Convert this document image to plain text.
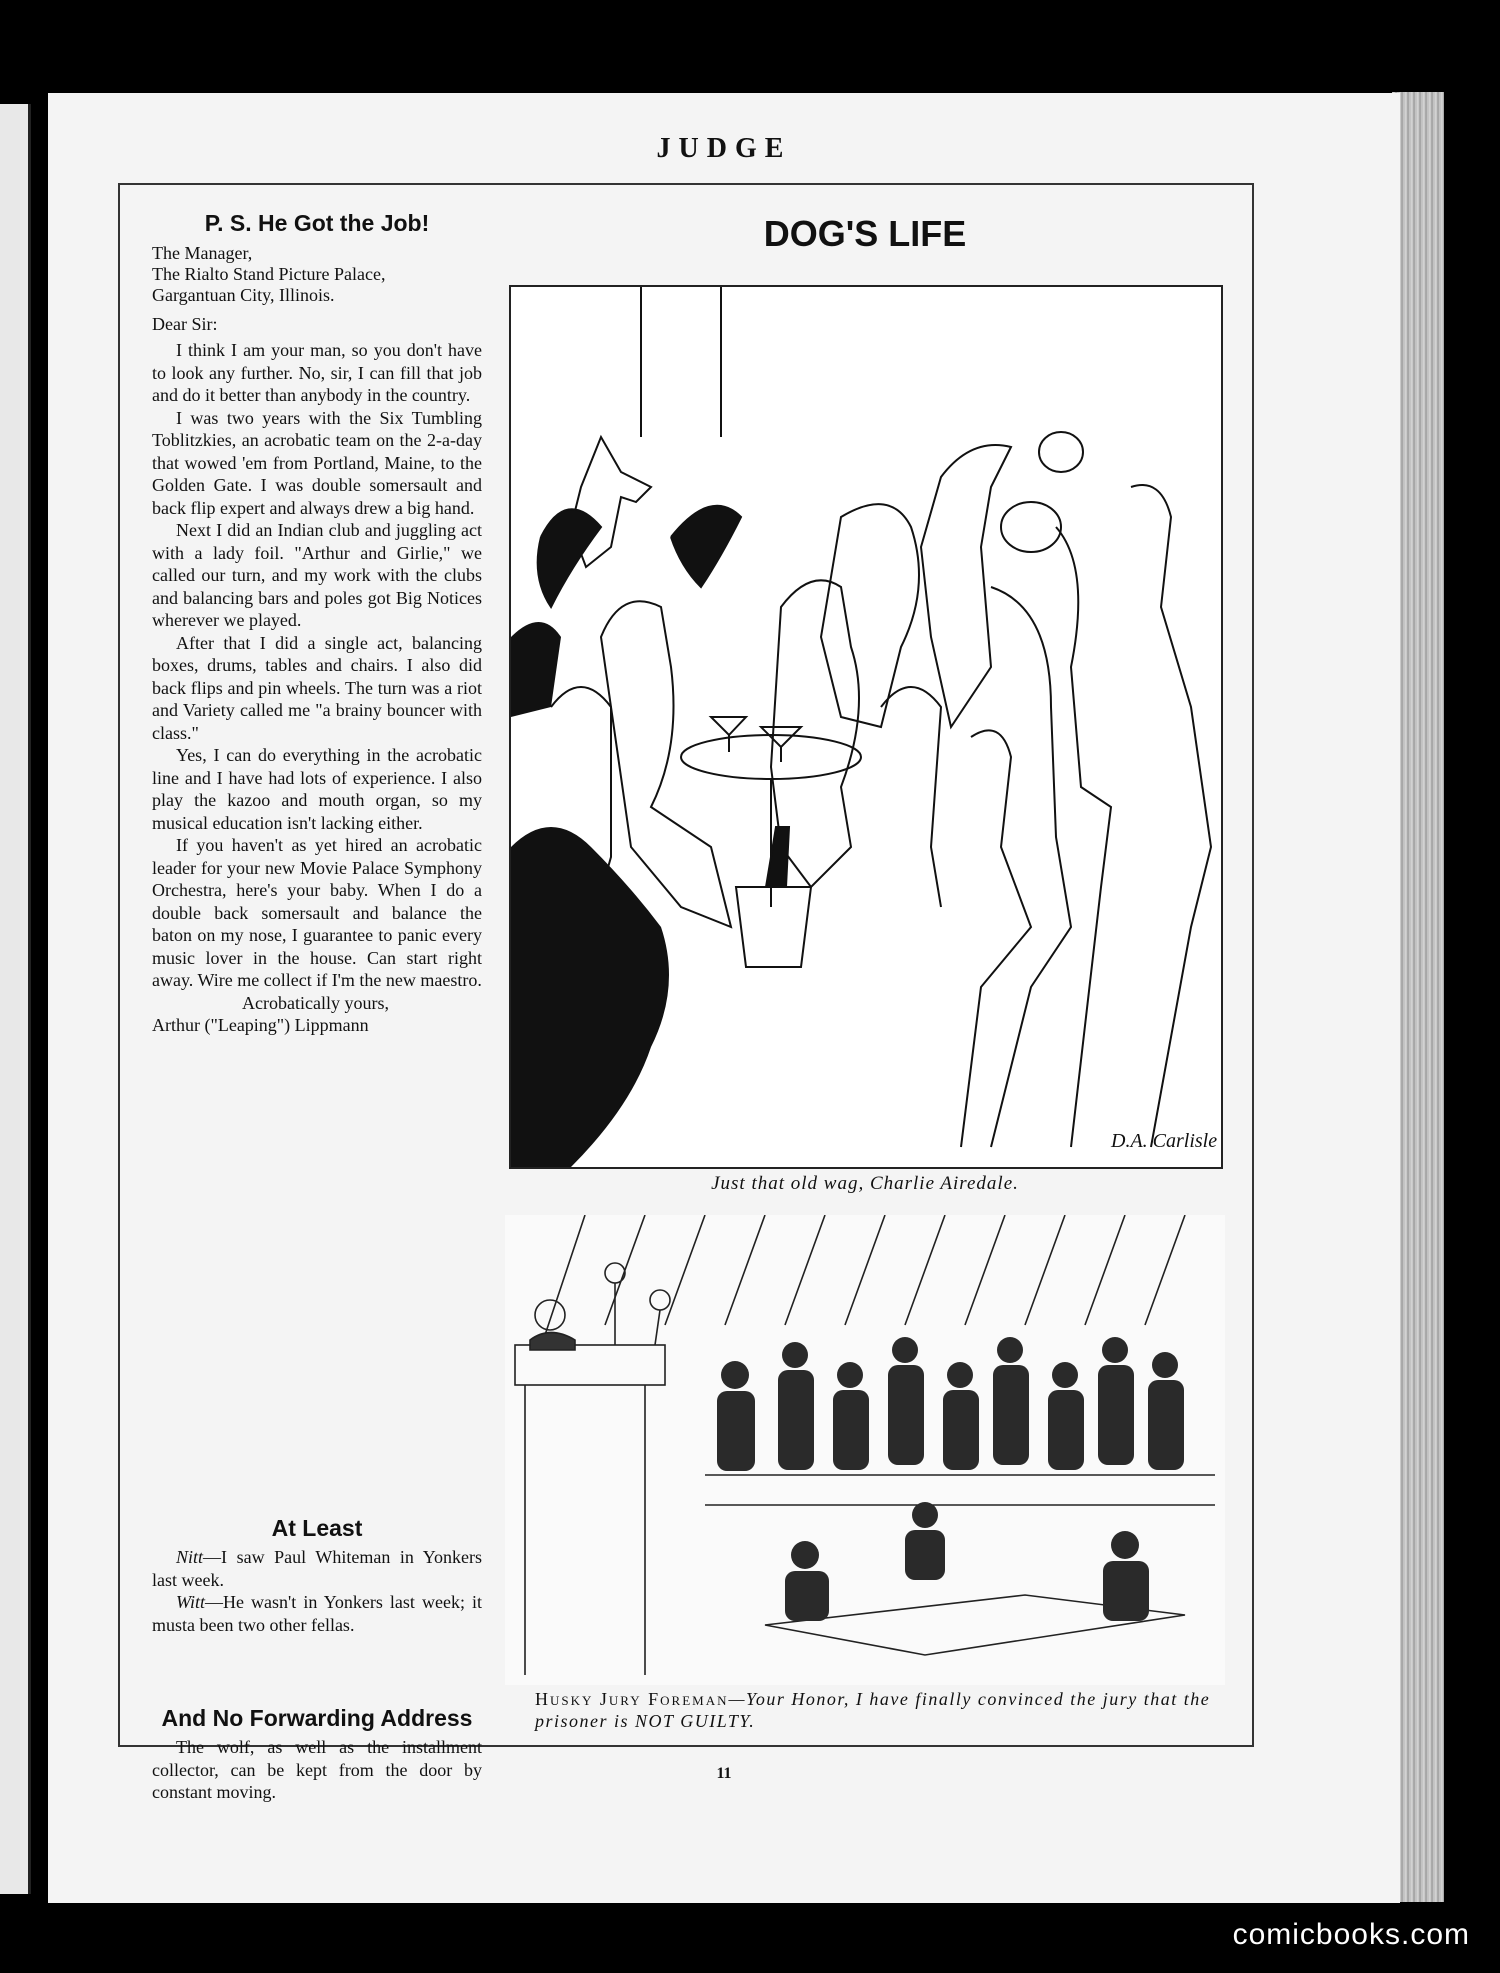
JUDGE
P. S. He Got the Job!
The Manager,
The Rialto Stand Picture Palace,
Gargantuan City, Illinois.
Dear Sir:

I think I am your man, so you don't have to look any further. No, sir, I can fill that job and do it better than anybody in the country.

I was two years with the Six Tumbling Toblitzkies, an acrobatic team on the 2-a-day that wowed 'em from Portland, Maine, to the Golden Gate. I was double somersault and back flip expert and always drew a big hand.

Next I did an Indian club and juggling act with a lady foil. "Arthur and Girlie," we called our turn, and my work with the clubs and balancing bars and poles got Big Notices wherever we played.

After that I did a single act, balancing boxes, drums, tables and chairs. I also did back flips and pin wheels. The turn was a riot and Variety called me "a brainy bouncer with class."

Yes, I can do everything in the acrobatic line and I have had lots of experience. I also play the kazoo and mouth organ, so my musical education isn't lacking either.

If you haven't as yet hired an acrobatic leader for your new Movie Palace Symphony Orchestra, here's your baby. When I do a double back somersault and balance the baton on my nose, I guarantee to panic every music lover in the house. Can start right away. Wire me collect if I'm the new maestro.

Acrobatically yours,
Arthur ("Leaping") Lippmann
At Least

Nitt—I saw Paul Whiteman in Yonkers last week.

Witt—He wasn't in Yonkers last week; it musta been two other fellas.

And No Forwarding Address

The wolf, as well as the installment collector, can be kept from the door by constant moving.

DOG'S LIFE
D.A. Carlisle
Just that old wag, Charlie Airedale.
Husky Jury Foreman—Your Honor, I have finally convinced the jury that the prisoner is NOT GUILTY.
11
comicbooks.com
